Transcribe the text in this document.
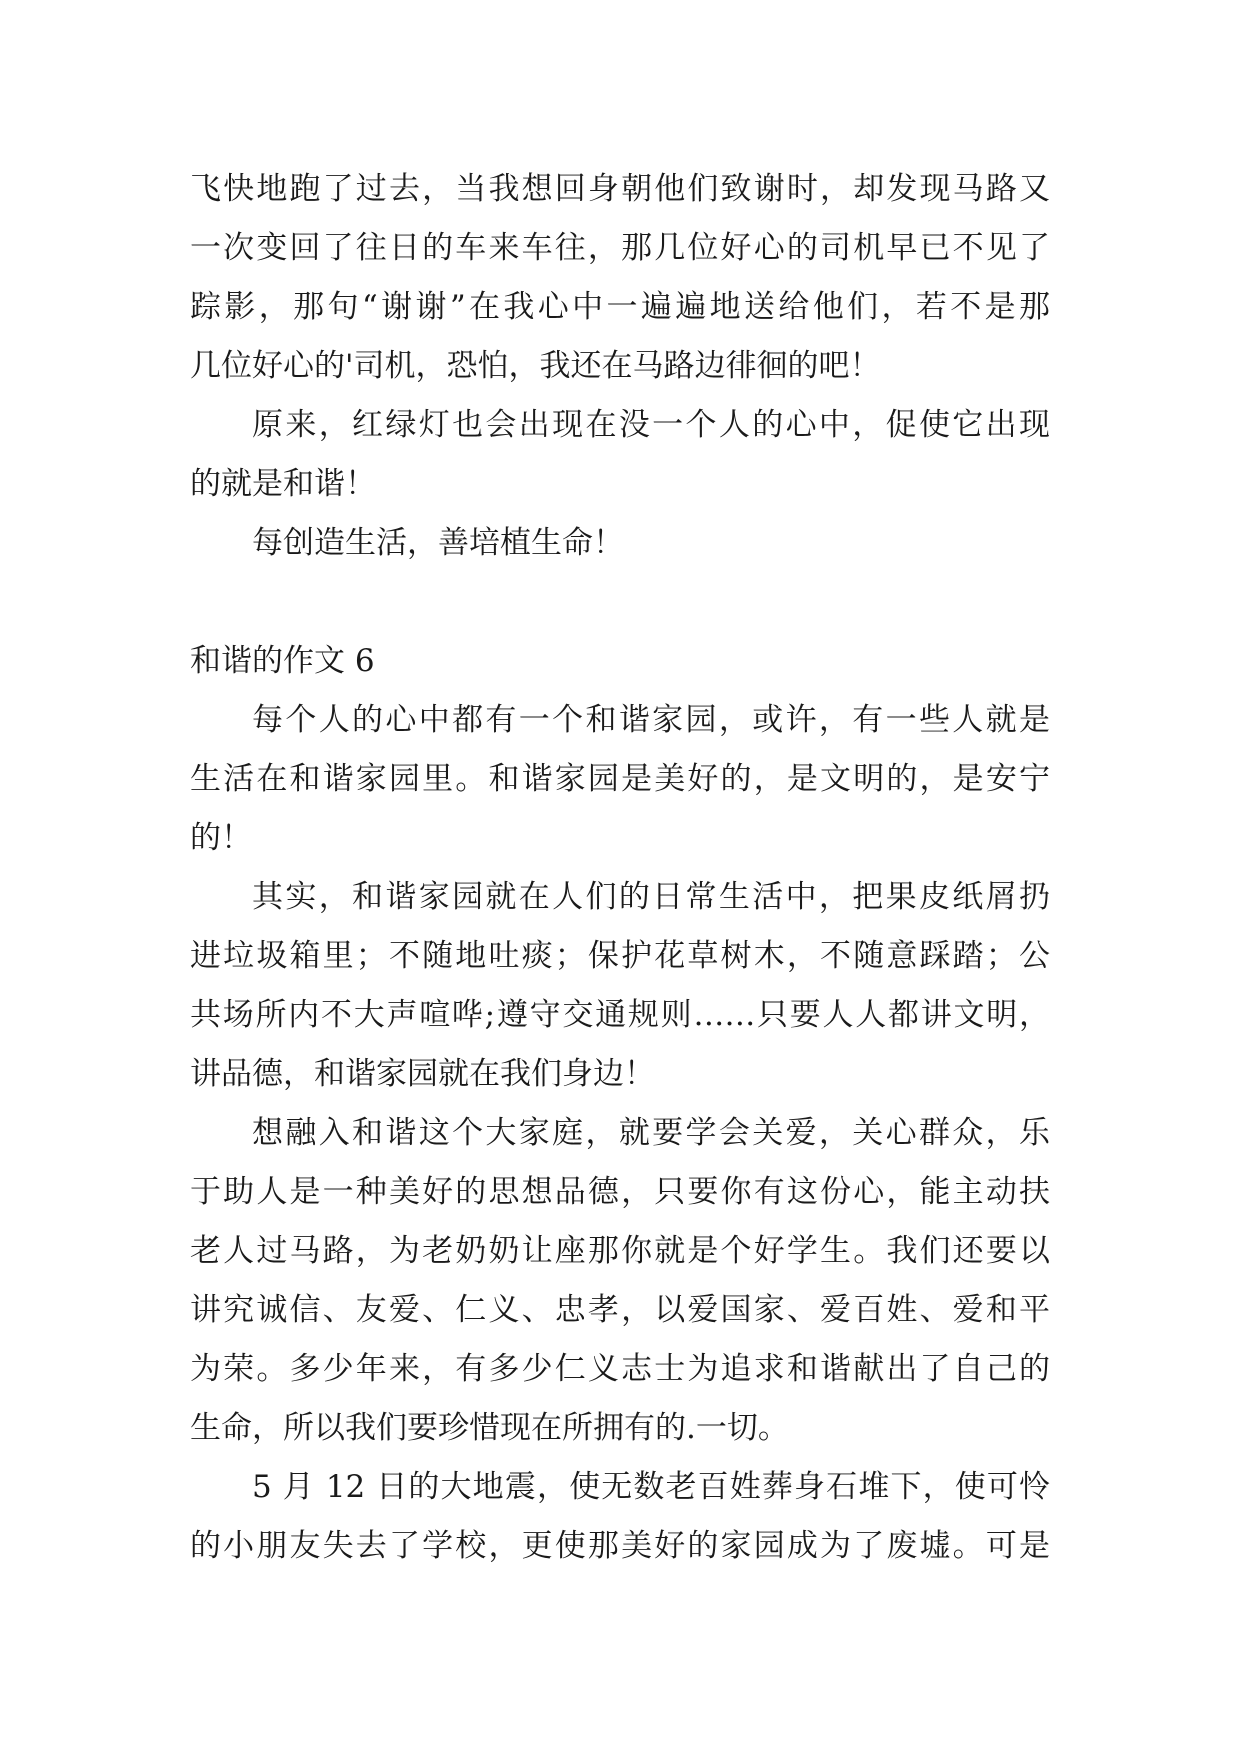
飞快地跑了过去，当我想回身朝他们致谢时，却发现马路又
一次变回了往日的车来车往，那几位好心的司机早已不见了
踪影，那句“谢谢”在我心中一遍遍地送给他们，若不是那
几位好心的'司机，恐怕，我还在马路边徘徊的吧！
原来，红绿灯也会出现在没一个人的心中，促使它出现
的就是和谐！
每创造生活，善培植生命！
和谐的作文 6
每个人的心中都有一个和谐家园，或许，有一些人就是
生活在和谐家园里。和谐家园是美好的，是文明的，是安宁
的！
其实，和谐家园就在人们的日常生活中，把果皮纸屑扔
进垃圾箱里；不随地吐痰；保护花草树木，不随意踩踏；公
共场所内不大声喧哗;遵守交通规则……只要人人都讲文明，
讲品德，和谐家园就在我们身边！
想融入和谐这个大家庭，就要学会关爱，关心群众，乐
于助人是一种美好的思想品德，只要你有这份心，能主动扶
老人过马路，为老奶奶让座那你就是个好学生。我们还要以
讲究诚信、友爱、仁义、忠孝，以爱国家、爱百姓、爱和平
为荣。多少年来，有多少仁义志士为追求和谐献出了自己的
生命，所以我们要珍惜现在所拥有的.一切。
5 月 12 日的大地震，使无数老百姓葬身石堆下，使可怜
的小朋友失去了学校，更使那美好的家园成为了废墟。可是
